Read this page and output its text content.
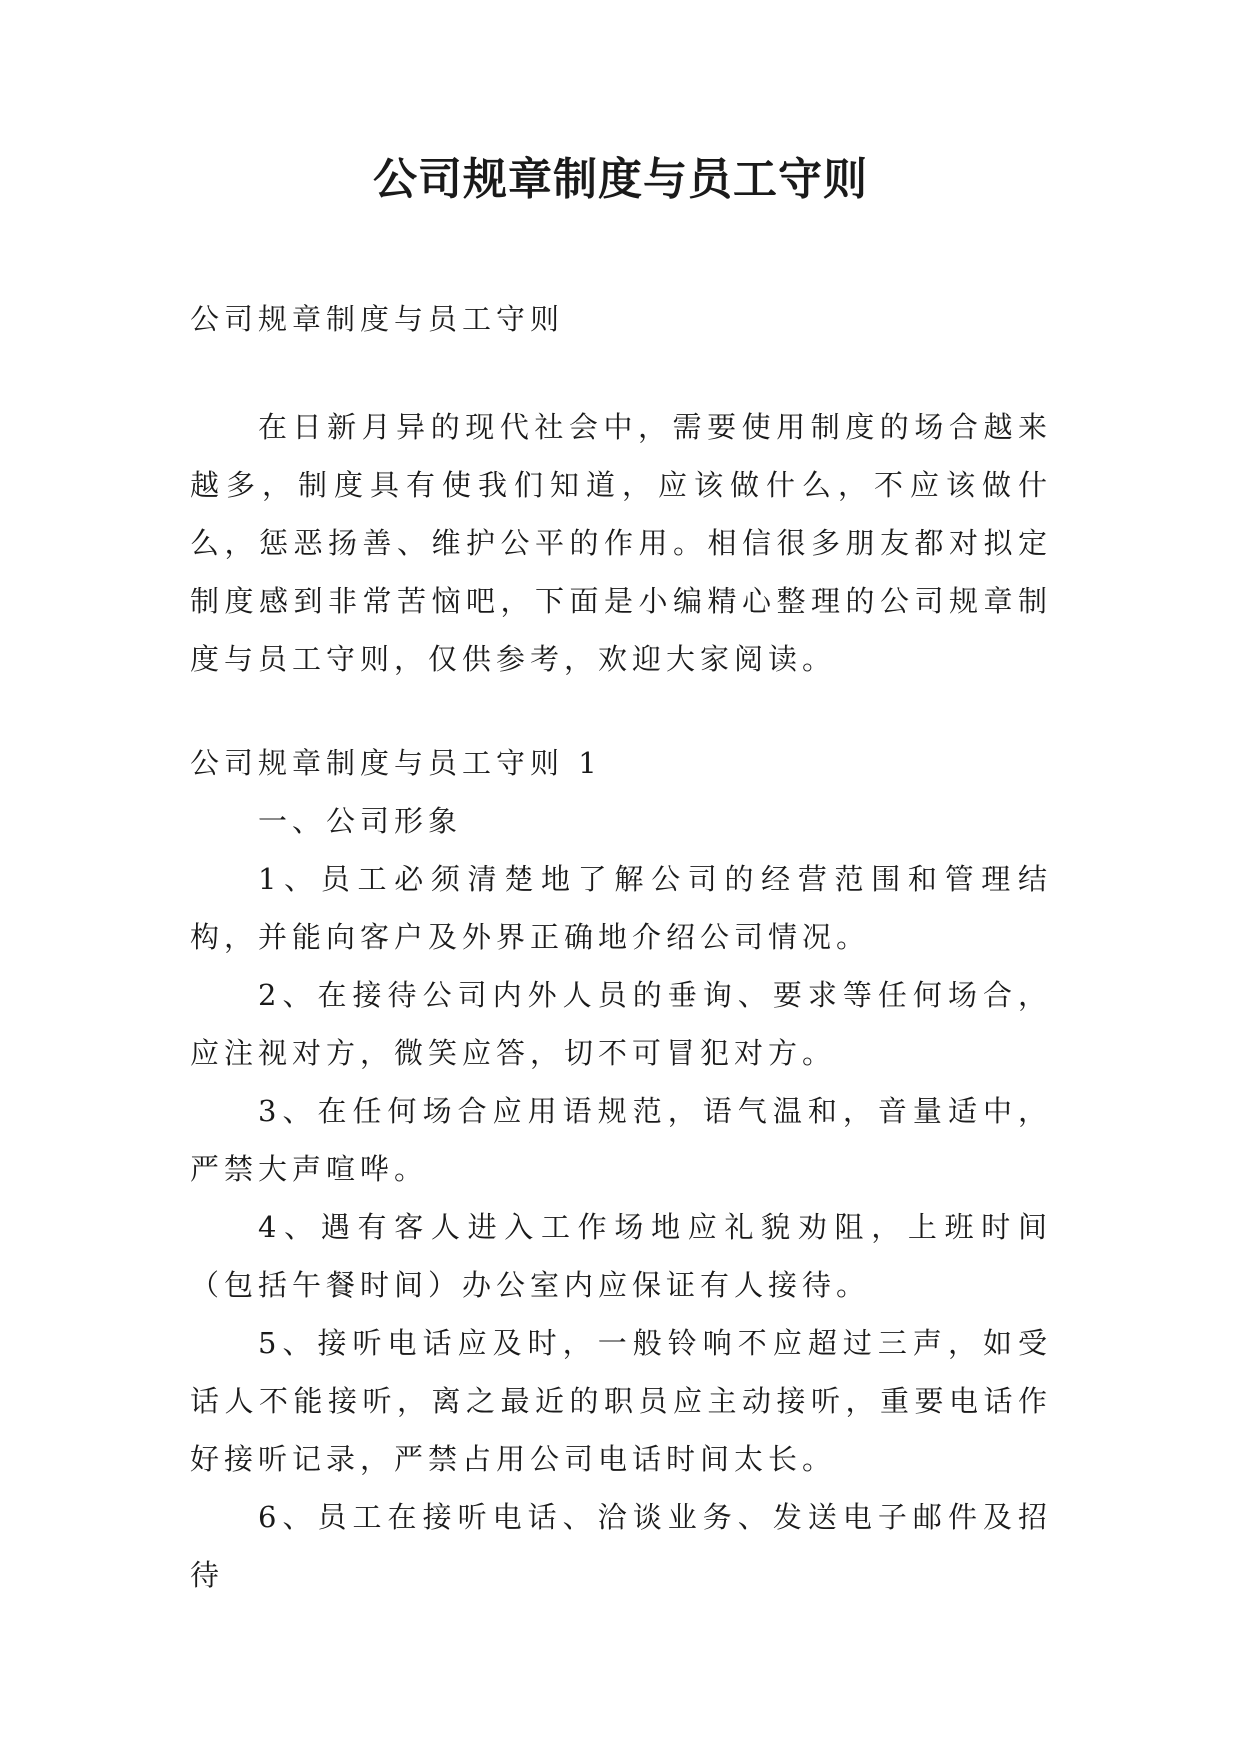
公司规章制度与员工守则

公司规章制度与员工守则

在日新月异的现代社会中，需要使用制度的场合越来越多，制度具有使我们知道，应该做什么，不应该做什么，惩恶扬善、维护公平的作用。相信很多朋友都对拟定制度感到非常苦恼吧，下面是小编精心整理的公司规章制度与员工守则，仅供参考，欢迎大家阅读。

公司规章制度与员工守则 1

一、公司形象

1、员工必须清楚地了解公司的经营范围和管理结构，并能向客户及外界正确地介绍公司情况。

2、在接待公司内外人员的垂询、要求等任何场合，应注视对方，微笑应答，切不可冒犯对方。

3、在任何场合应用语规范，语气温和，音量适中，严禁大声喧哗。

4、遇有客人进入工作场地应礼貌劝阻，上班时间（包括午餐时间）办公室内应保证有人接待。

5、接听电话应及时，一般铃响不应超过三声，如受话人不能接听，离之最近的职员应主动接听，重要电话作好接听记录，严禁占用公司电话时间太长。

6、员工在接听电话、洽谈业务、发送电子邮件及招待
